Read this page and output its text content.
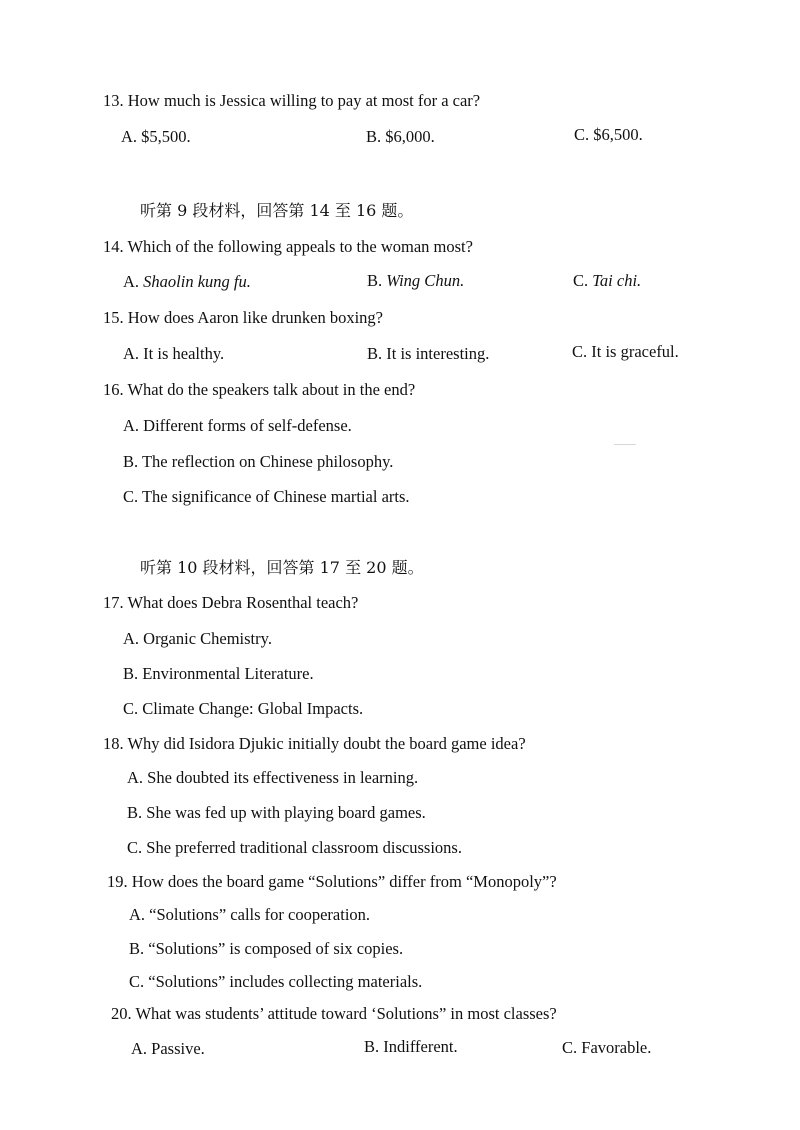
13. How much is Jessica willing to pay at most for a car?
A. $5,500.	B. $6,000.	C. $6,500.
听第 9 段材料，回答第 14 至 16 题。
14. Which of the following appeals to the woman most?
A. Shaolin kung fu.	B. Wing Chun.	C. Tai chi.
15. How does Aaron like drunken boxing?
A. It is healthy.	B. It is interesting.	C. It is graceful.
16. What do the speakers talk about in the end?
A. Different forms of self-defense.
B. The reflection on Chinese philosophy.
C. The significance of Chinese martial arts.
听第 10 段材料，回答第 17 至 20 题。
17. What does Debra Rosenthal teach?
A. Organic Chemistry.
B. Environmental Literature.
C. Climate Change: Global Impacts.
18. Why did Isidora Djukic initially doubt the board game idea?
A. She doubted its effectiveness in learning.
B. She was fed up with playing board games.
C. She preferred traditional classroom discussions.
19. How does the board game “Solutions” differ from “Monopoly”?
A. “Solutions” calls for cooperation.
B. “Solutions” is composed of six copies.
C. “Solutions” includes collecting materials.
20. What was students’ attitude toward ‘Solutions” in most classes?
A. Passive.	B. Indifferent.	C. Favorable.
